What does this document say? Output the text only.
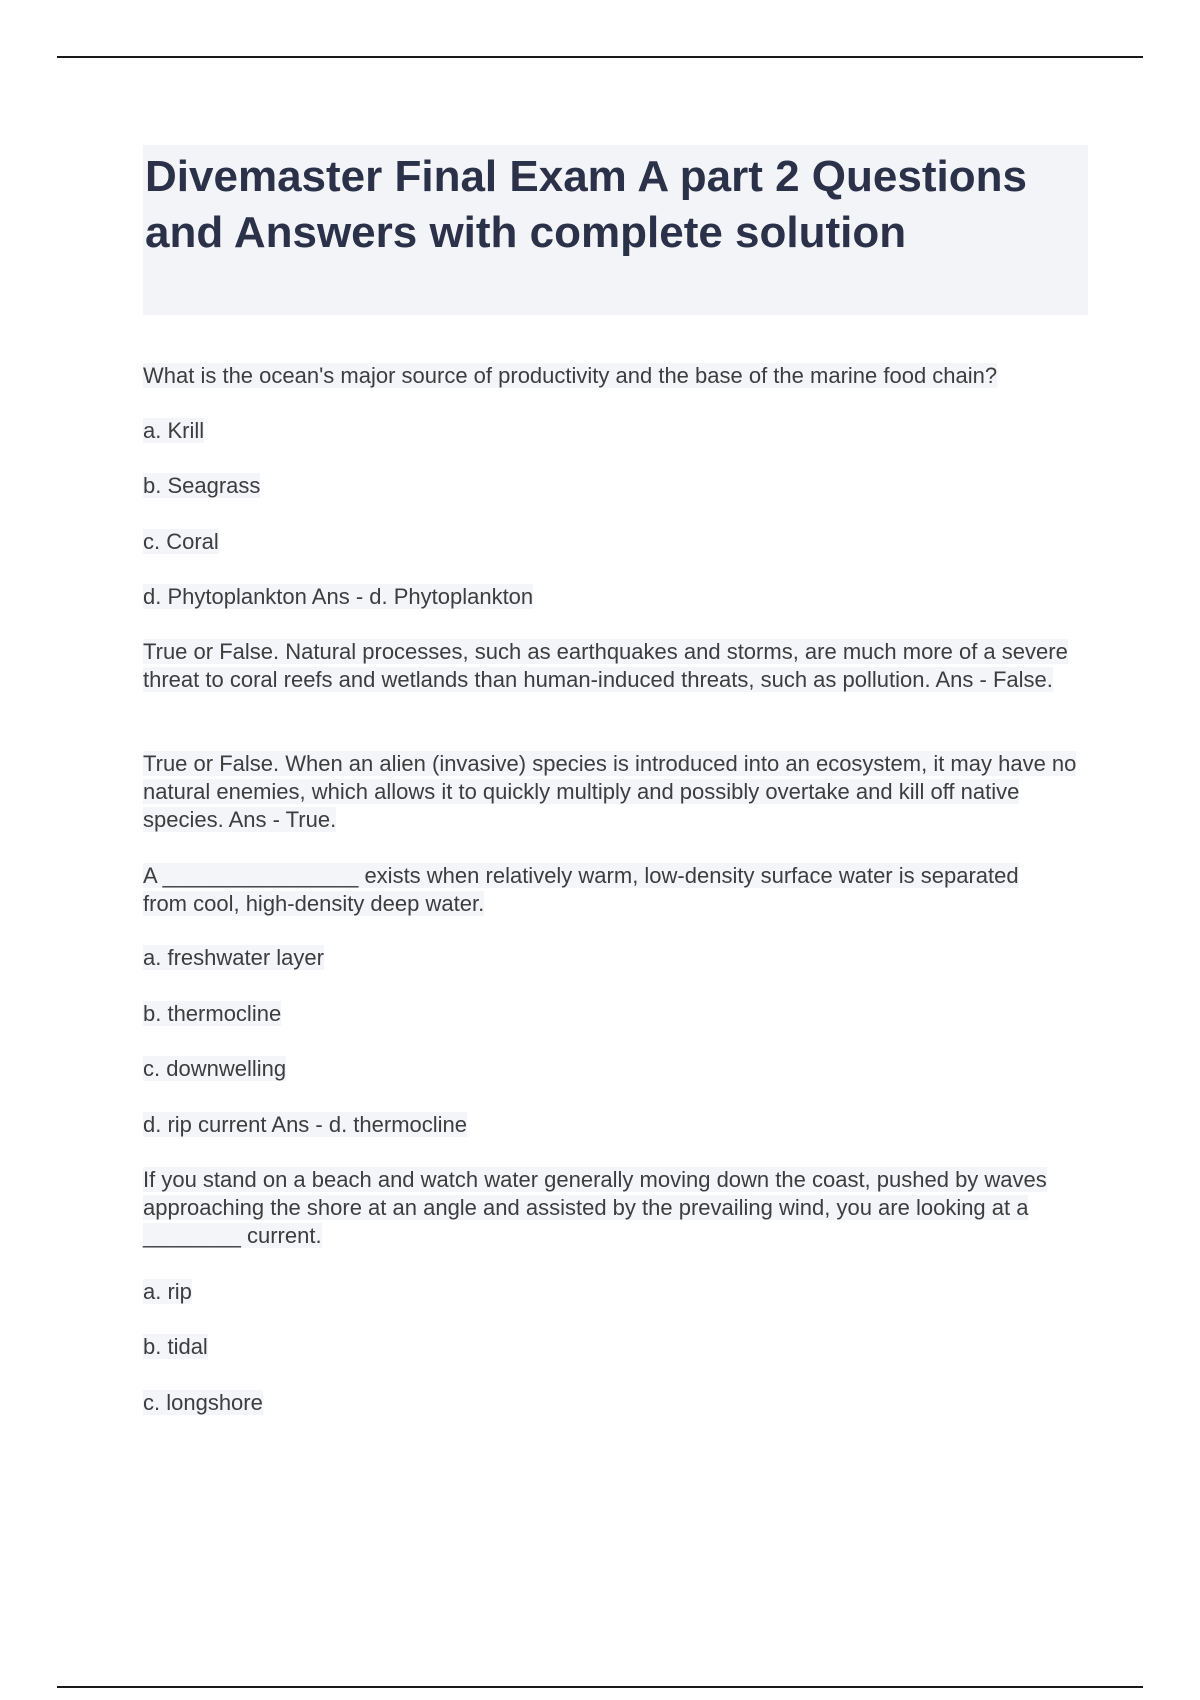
Divemaster Final Exam A part 2 Questions and Answers with complete solution

What is the ocean's major source of productivity and the base of the marine food chain?

a. Krill

b. Seagrass

c. Coral

d. Phytoplankton Ans - d. Phytoplankton

True or False. Natural processes, such as earthquakes and storms, are much more of a severe threat to coral reefs and wetlands than human-induced threats, such as pollution. Ans - False.

True or False. When an alien (invasive) species is introduced into an ecosystem, it may have no natural enemies, which allows it to quickly multiply and possibly overtake and kill off native species. Ans - True.

A ________________ exists when relatively warm, low-density surface water is separated from cool, high-density deep water.

a. freshwater layer

b. thermocline

c. downwelling

d. rip current Ans - d. thermocline

If you stand on a beach and watch water generally moving down the coast, pushed by waves approaching the shore at an angle and assisted by the prevailing wind, you are looking at a ________ current.

a. rip

b. tidal

c. longshore
